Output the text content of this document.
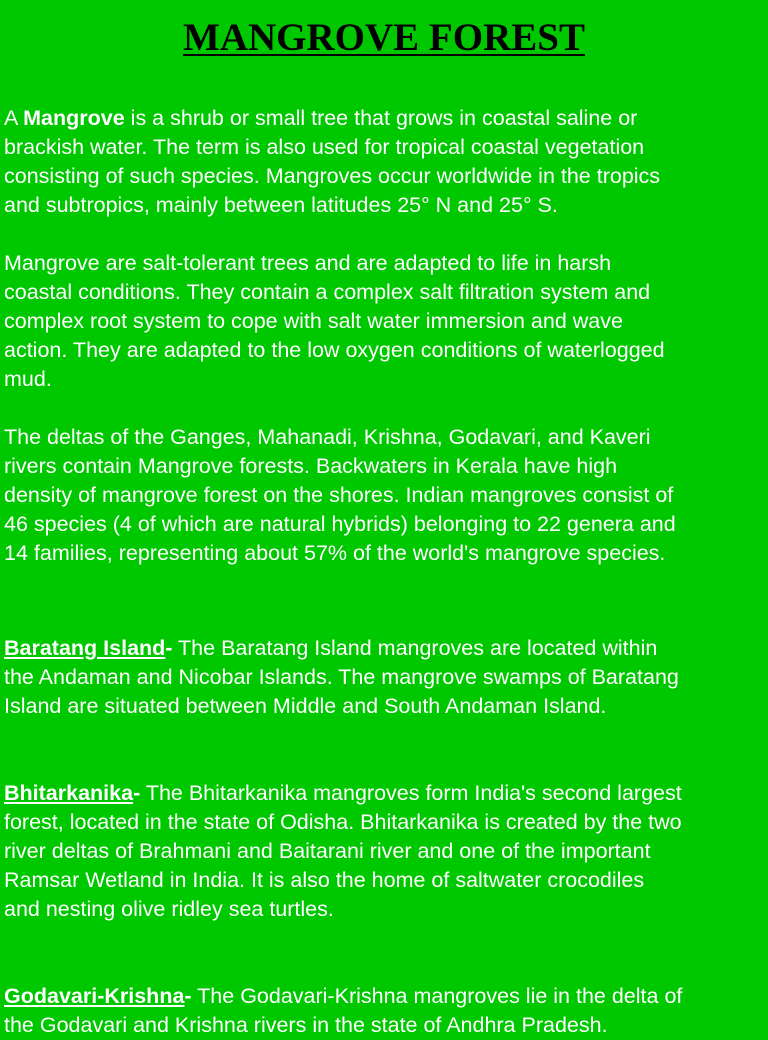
MANGROVE FOREST

A Mangrove is a shrub or small tree that grows in coastal saline or
brackish water. The term is also used for tropical coastal vegetation
consisting of such species. Mangroves occur worldwide in the tropics
and subtropics, mainly between latitudes 25° N and 25° S.

Mangrove are salt-tolerant trees and are adapted to life in harsh
coastal conditions. They contain a complex salt filtration system and
complex root system to cope with salt water immersion and wave
action. They are adapted to the low oxygen conditions of waterlogged
mud.

The deltas of the Ganges, Mahanadi, Krishna, Godavari, and Kaveri
rivers contain Mangrove forests. Backwaters in Kerala have high
density of mangrove forest on the shores. Indian mangroves consist of
46 species (4 of which are natural hybrids) belonging to 22 genera and
14 families, representing about 57% of the world's mangrove species.

Baratang Island- The Baratang Island mangroves are located within
the Andaman and Nicobar Islands. The mangrove swamps of Baratang
Island are situated between Middle and South Andaman Island.

Bhitarkanika- The Bhitarkanika mangroves form India's second largest
forest, located in the state of Odisha. Bhitarkanika is created by the two
river deltas of Brahmani and Baitarani river and one of the important
Ramsar Wetland in India. It is also the home of saltwater crocodiles
and nesting olive ridley sea turtles.

Godavari-Krishna- The Godavari-Krishna mangroves lie in the delta of
the Godavari and Krishna rivers in the state of Andhra Pradesh.
